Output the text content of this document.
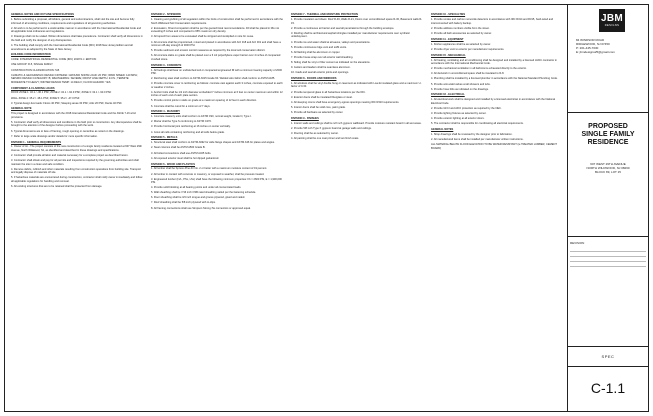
GENERAL NOTES AND OUTLINE SPECIFICATIONS

1. Before submitting a proposal, all bidders, general and subcontractors, shall visit the site and become fully informed of all existing conditions, requirements and regulations of all governing authorities.

2. All work is to be performed in a workmanlike manner in accordance with the International Residential Code and all applicable local ordinances and regulations.

3. Drawings shall not be scaled. Written dimensions shall take precedence. Contractor shall verify all dimensions in the field and notify the designer of any discrepancies.

4. The building shall comply with the International Residential Code (IRC) 2018 New Jersey Edition and all amendments as adopted by the State of New Jersey.

BUILDING CODE INFORMATION

CODE: INTERNATIONAL RESIDENTIAL CODE (IRC) 2018 N.J. EDITION

USE GROUP: R-5, SINGLE FAMILY

CONSTRUCTION CLASSIFICATION: 5-B

CLIMATIC & GEOGRAPHIC DESIGN CRITERIA: GROUND SNOW LOAD: 20 PSF; WIND SPEED: 140 MPH; SEISMIC DESIGN CATEGORY: B; WEATHERING: SEVERE; FROST LINE DEPTH: 24 IN.; TERMITE: MODERATE TO HEAVY; WINTER DESIGN TEMP: 14 DEG F; FLOOD HAZARD: YES

COMPONENT & CLADDING LOADS

ROOF ZONE 1: 32.1 / -36.1 PSF; ZONE 2: 32.1 / -62.9 PSF; ZONE 3: 32.1 / -93.0 PSF

WALL ZONE 4: 35.2 / -38.1 PSF; ZONE 5: 35.2 / -47.0 PSF

3. Typical design live loads: Floors 40 PSF; Sleeping areas 30 PSF; Attic 20 PSF; Decks 40 PSF.

GENERAL NOTE

This project is designed in accordance with the 2018 International Residential Code and the ASCE 7-16 wind provisions.

5. Contractor shall verify all dimensions and conditions in the field prior to construction. Any discrepancies shall be brought to the attention of the designer before proceeding with the work.

6. Typical dimensions are to face of framing, rough opening or centerline as noted on the drawings.

7. Refer to large scale drawings and/or details for more specific information.

DIVISION 1 - GENERAL REQUIREMENTS

1. Owner of lot - The project consists of the new construction of a single family residence located at 607 West 29th Avenue, North Wildwood, NJ, as identified and described in these drawings and specifications.

2. Contractor shall provide all labor and material necessary for a complete project as described herein.

3. Contractor shall obtain and pay for all permits and inspections required by the governing authorities and shall maintain the site in a clean and safe condition.

4. Remove debris, rubbish and other materials resulting from construction operations from building site. Transport and legally dispose of materials off site.

5. If hazardous materials are encountered during construction, contractor shall notify owner immediately and follow all applicable regulations for handling and removal.

6. All existing structures that are to be retained shall be protected from damage.

DIVISION 2 - SITEWORK

1. Clearing and grubbing of all vegetation within the limits of construction shall be performed in accordance with the North Wildwood Soil Conservation requirements.

2. Excavation, fill and compaction shall be per the geotechnical recommendations. Fill shall be placed in lifts not exceeding 8 inches and compacted to 95% maximum dry density.

3. All topsoil from areas to be excavated shall be stripped and stockpiled on site for reuse.

4. All concrete shall be proportioned, mixed and placed in accordance with ACI 318 and ACI 301 and shall have a minimum 28-day strength of 3000 PSI.

5. Provide sediment and erosion control measures as required by the local soil conservation district.

6. All concrete slabs on grade shall be placed over a 6 mil polyethylene vapor barrier over 4 inches of compacted crushed stone.

DIVISION 3 - CONCRETE

1. All footings shall bear on undisturbed soil or compacted engineered fill with a minimum bearing capacity of 2000 PSF.

2. Reinforcing steel shall conform to ASTM A615 Grade 60. Welded wire fabric shall conform to ASTM A185.

3. Provide concrete cover to reinforcing as follows: concrete cast against earth 3 inches, concrete exposed to earth or weather 2 inches.

4. Anchor bolts shall be 1/2 inch diameter embedded 7 inches minimum at 6 feet on center maximum and within 12 inches of each end of each plate section.

5. Provide control joints in slabs on grade at a maximum spacing of 12 feet in each direction.

6. Concrete shall be cured for a minimum of 7 days.

DIVISION 4 - MASONRY

1. Concrete masonry units shall conform to ASTM C90, normal weight, Grade N, Type I.

2. Mortar shall be Type S conforming to ASTM C270.

3. Provide horizontal joint reinforcing at 16 inches on center vertically.

4. Grout all cells containing reinforcing and all cells below grade.

DIVISION 5 - METALS

1. Structural steel shall conform to ASTM A992 for wide flange shapes and ASTM A36 for plates and angles.

2. Steel columns shall be ASTM A500 Grade B.

3. All bolted connections shall use ASTM A325 bolts.

4. All exposed exterior steel shall be hot dipped galvanized.

DIVISION 6 - WOOD AND PLASTICS

1. All lumber shall be Spruce-Pine-Fir No. 2 or better with a maximum moisture content of 19 percent.

2. All lumber in contact with concrete or masonry, or exposed to weather, shall be pressure treated.

3. Engineered lumber (LVL, PSL, LSL) shall have the following minimum properties: Fb = 2600 PSI, E = 1,900,000 PSI.

4. Provide solid blocking at all bearing points and under all concentrated loads.

5. Wall sheathing shall be 7/16 inch OSB rated sheathing nailed per the fastening schedule.

6. Floor sheathing shall be 3/4 inch tongue and groove plywood, glued and nailed.

7. Roof sheathing shall be 5/8 inch plywood with H-clips.

8. All framing connections shall use Simpson Strong-Tie connectors or approved equal.

DIVISION 7 - THERMAL AND MOISTURE PROTECTION

1. Provide insulation as follows: Roof R-49, Walls R-21, Floors over unconditioned space R-30, Basement walls R-15.

2. Provide a continuous air barrier and seal all penetrations through the building envelope.

3. Roofing shall be architectural asphalt shingles installed per manufacturer requirements over synthetic underlayment.

4. Provide ice and water shield at all eaves, valleys and penetrations.

5. Provide continuous ridge vent and soffit vents.

6. All flashing shall be aluminum or copper.

7. Provide house wrap over all exterior wall sheathing.

8. Siding shall be vinyl or fiber cement as indicated on the elevations.

9. Gutters and leaders shall be seamless aluminum.

10. Caulk and seal all exterior joints and openings.

DIVISION 8 - DOORS AND WINDOWS

1. All windows shall be vinyl double hung or casement as indicated with Low-E insulated glass and a maximum U-factor of 0.30.

2. Provide tempered glass in all hazardous locations per the IRC.

3. Exterior doors shall be insulated fiberglass or steel.

4. All sleeping rooms shall have emergency egress openings meeting IRC R310 requirements.

5. Interior doors shall be solid core, paint grade.

6. Provide all hardware as selected by owner.

DIVISION 9 - FINISHES

1. Interior walls and ceilings shall be 1/2 inch gypsum wallboard. Provide moisture resistant board in all wet areas.

2. Provide 5/8 inch Type X gypsum board at garage walls and ceilings.

3. Flooring shall be as selected by owner.

4. All painting shall be one coat primer and two finish coats.

DIVISION 10 - SPECIALTIES

1. Provide smoke and carbon monoxide detectors in accordance with IRC R314 and R315, hard-wired and interconnected with battery backup.

2. Provide address numbers visible from the street.

3. Provide all bath accessories as selected by owner.

DIVISION 11 - EQUIPMENT

1. Kitchen appliances shall be as selected by owner.

2. Provide dryer vent to exterior per manufacturer requirements.

DIVISION 15 - MECHANICAL

1. All heating, ventilating and air conditioning shall be designed and installed by a licensed HVAC contractor in accordance with the International Mechanical Code.

2. Provide mechanical ventilation in all bathrooms exhausted directly to the exterior.

3. All ductwork in unconditioned space shall be insulated to R-8.

4. Plumbing shall be installed by a licensed plumber in accordance with the National Standard Plumbing Code.

5. Provide anti-scald valves at all showers and tubs.

6. Provide hose bibs as indicated on the drawings.

DIVISION 16 - ELECTRICAL

1. All electrical work shall be designed and installed by a licensed electrician in accordance with the National Electrical Code.

2. Provide GFCI and AFCI protection as required by the NEC.

3. Provide lighting fixtures as selected by owner.

4. Provide exterior lighting at all exterior doors.

5. The contractor shall be responsible for coordinating all electrical requirements.

GENERAL NOTES

1. Shop drawings shall be reviewed by the designer prior to fabrication.

2. All manufactured items shall be installed per manufacturer written instructions.

ALL MATERIAL BELOW FLOOD ELEVATION TO BE WATER RESISTANT (ie TREATED LUMBER, CEMENT BOARD)

JBM
DESIGNS
84 WINDSOR ROAD
RIDGEWOOD, NJ 07450
P: 201-445-7030
E: jbmdesigns25@gmail.com
PROPOSED
SINGLE FAMILY
RESIDENCE
607 WEST 29TH AVENUE
NORTH WILDWOOD, NJ 08260
BLOCK 89, LOT 15
REVISION
SPEC
C-1.1
